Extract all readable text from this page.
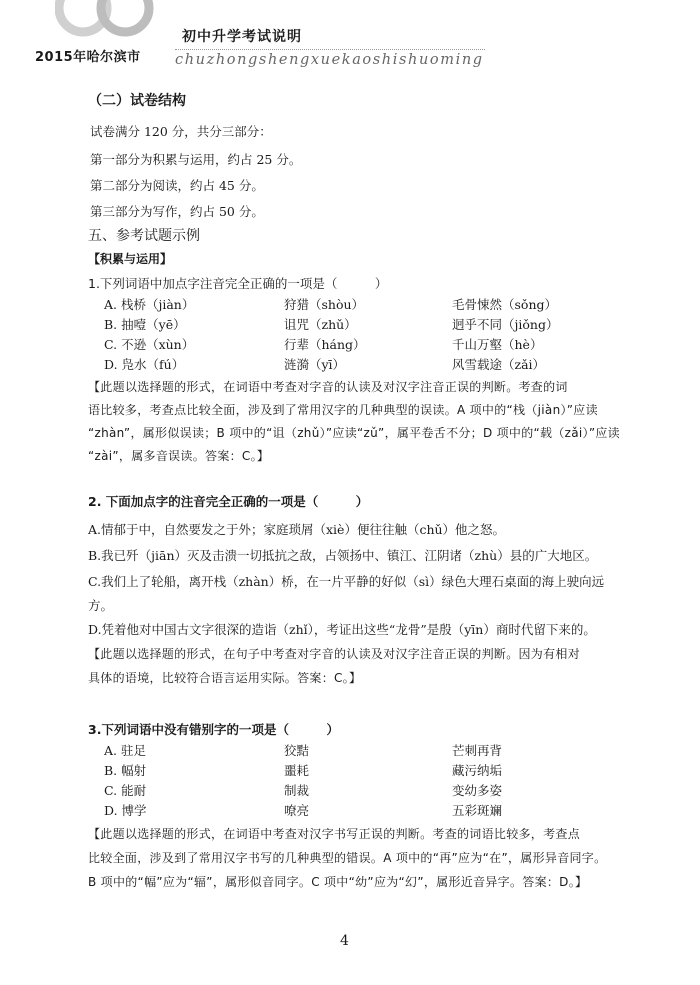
初中升学考试说明
2015年哈尔滨市 chuzhongshengxuekaoshishuoming
（二）试卷结构
试卷满分 120 分，共分三部分：
第一部分为积累与运用，约占 25 分。
第二部分为阅读，约占 45 分。
第三部分为写作，约占 50 分。
五、参考试题示例
【积累与运用】
1.下列词语中加点字注音完全正确的一项是（　　　）
A. 栈桥（jiàn）	狩猎（shòu）	毛骨悚然（sǒng）
B. 抽噎（yē）	诅咒（zhǔ）	迥乎不同（jiǒng）
C. 不逊（xùn）	行辈（háng）	千山万壑（hè）
D. 凫水（fú）	涟漪（yī）	风雪载途（zǎi）
【此题以选择题的形式，在词语中考查对字音的认读及对汉字注音正误的判断。考查的词
语比较多，考查点比较全面，涉及到了常用汉字的几种典型的误读。A 项中的“栈（jiàn）”应读
“zhàn”，属形似误读；B 项中的“诅（zhǔ）”应读“zǔ”，属平卷舌不分；D 项中的“载（zǎi）”应读
“zài”，属多音误读。答案：C。】
2. 下面加点字的注音完全正确的一项是（　　　）
A.情郁于中，自然要发之于外；家庭琐屑（xiè）便往往触（chǔ）他之怒。
B.我已歼（jiān）灭及击溃一切抵抗之敌，占领扬中、镇江、江阴诸（zhù）县的广大地区。
C.我们上了轮船，离开栈（zhàn）桥，在一片平静的好似（sì）绿色大理石桌面的海上驶向远
方。
D.凭着他对中国古文字很深的造诣（zhǐ），考证出这些“龙骨”是殷（yīn）商时代留下来的。
【此题以选择题的形式，在句子中考查对字音的认读及对汉字注音正误的判断。因为有相对
具体的语境，比较符合语言运用实际。答案：C。】
3.下列词语中没有错别字的一项是（　　　）
A. 驻足	狡黠	芒刺再背
B. 幅射	噩耗	藏污纳垢
C. 能耐	制裁	变幼多姿
D. 博学	嘹亮	五彩斑斓
【此题以选择题的形式，在词语中考查对汉字书写正误的判断。考查的词语比较多，考查点
比较全面，涉及到了常用汉字书写的几种典型的错误。A 项中的“再”应为“在”，属形异音同字。
B 项中的“幅”应为“辐”，属形似音同字。C 项中“幼”应为“幻”，属形近音异字。答案：D。】
4
